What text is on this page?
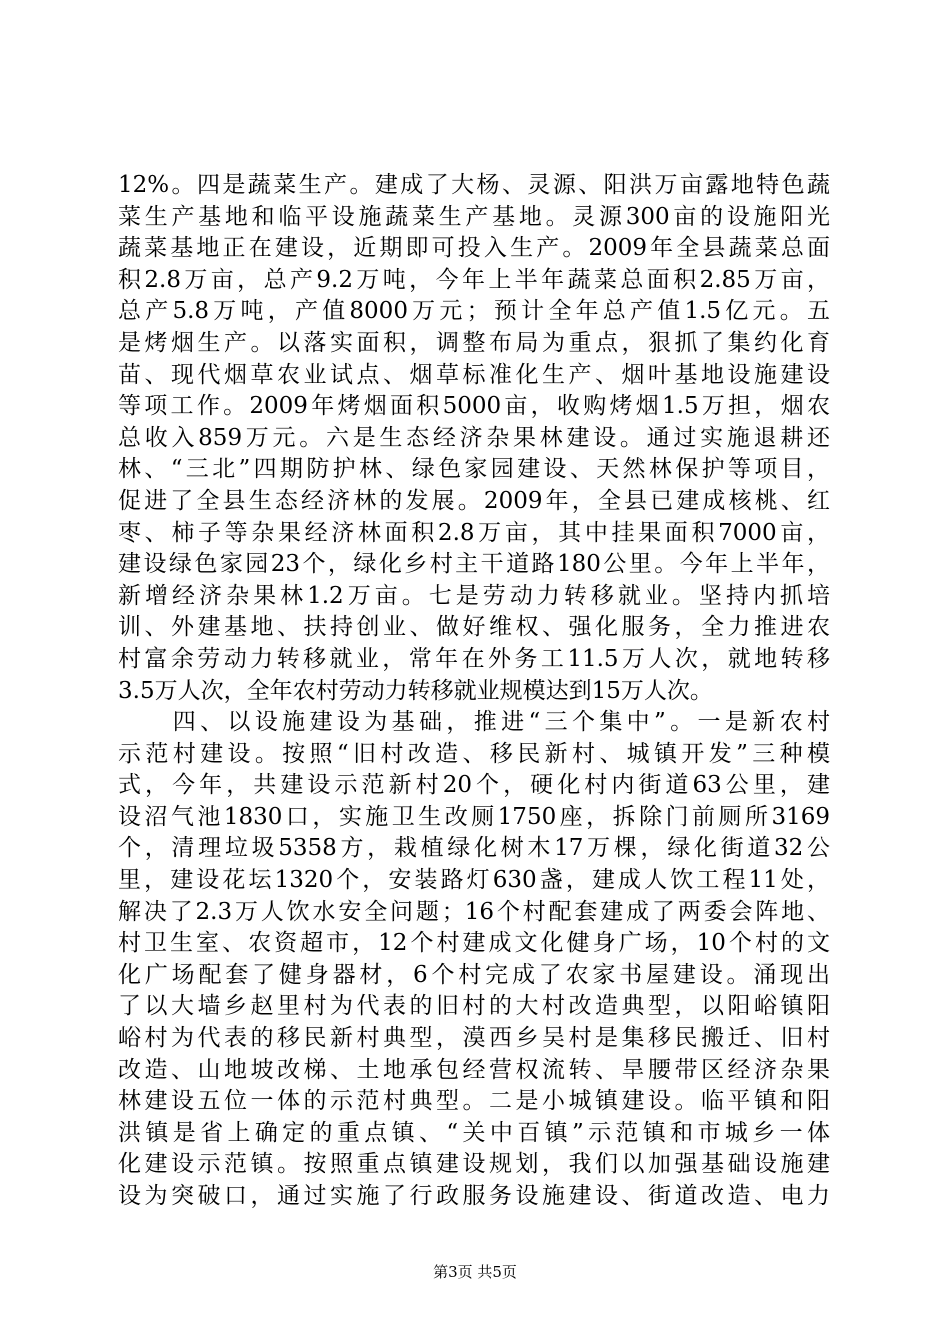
12%。四是蔬菜生产。建成了大杨、灵源、阳洪万亩露地特色蔬
菜生产基地和临平设施蔬菜生产基地。灵源300亩的设施阳光
蔬菜基地正在建设，近期即可投入生产。2009年全县蔬菜总面
积2.8万亩，总产9.2万吨，今年上半年蔬菜总面积2.85万亩，
总产5.8万吨，产值8000万元；预计全年总产值1.5亿元。五
是烤烟生产。以落实面积，调整布局为重点，狠抓了集约化育
苗、现代烟草农业试点、烟草标准化生产、烟叶基地设施建设
等项工作。2009年烤烟面积5000亩，收购烤烟1.5万担，烟农
总收入859万元。六是生态经济杂果林建设。通过实施退耕还
林、“三北”四期防护林、绿色家园建设、天然林保护等项目，
促进了全县生态经济林的发展。2009年，全县已建成核桃、红
枣、柿子等杂果经济林面积2.8万亩，其中挂果面积7000亩，
建设绿色家园23个，绿化乡村主干道路180公里。今年上半年，
新增经济杂果林1.2万亩。七是劳动力转移就业。坚持内抓培
训、外建基地、扶持创业、做好维权、强化服务，全力推进农
村富余劳动力转移就业，常年在外务工11.5万人次，就地转移
3.5万人次，全年农村劳动力转移就业规模达到15万人次。
　　四、以设施建设为基础，推进“三个集中”。一是新农村
示范村建设。按照“旧村改造、移民新村、城镇开发”三种模
式，今年，共建设示范新村20个，硬化村内街道63公里，建
设沼气池1830口，实施卫生改厕1750座，拆除门前厕所3169
个，清理垃圾5358方，栽植绿化树木17万棵，绿化街道32公
里，建设花坛1320个，安装路灯630盏，建成人饮工程11处，
解决了2.3万人饮水安全问题；16个村配套建成了两委会阵地、
村卫生室、农资超市，12个村建成文化健身广场，10个村的文
化广场配套了健身器材，6个村完成了农家书屋建设。涌现出
了以大墙乡赵里村为代表的旧村的大村改造典型，以阳峪镇阳
峪村为代表的移民新村典型，漠西乡吴村是集移民搬迁、旧村
改造、山地坡改梯、土地承包经营权流转、旱腰带区经济杂果
林建设五位一体的示范村典型。二是小城镇建设。临平镇和阳
洪镇是省上确定的重点镇、“关中百镇”示范镇和市城乡一体
化建设示范镇。按照重点镇建设规划，我们以加强基础设施建
设为突破口，通过实施了行政服务设施建设、街道改造、电力
第3页 共5页
